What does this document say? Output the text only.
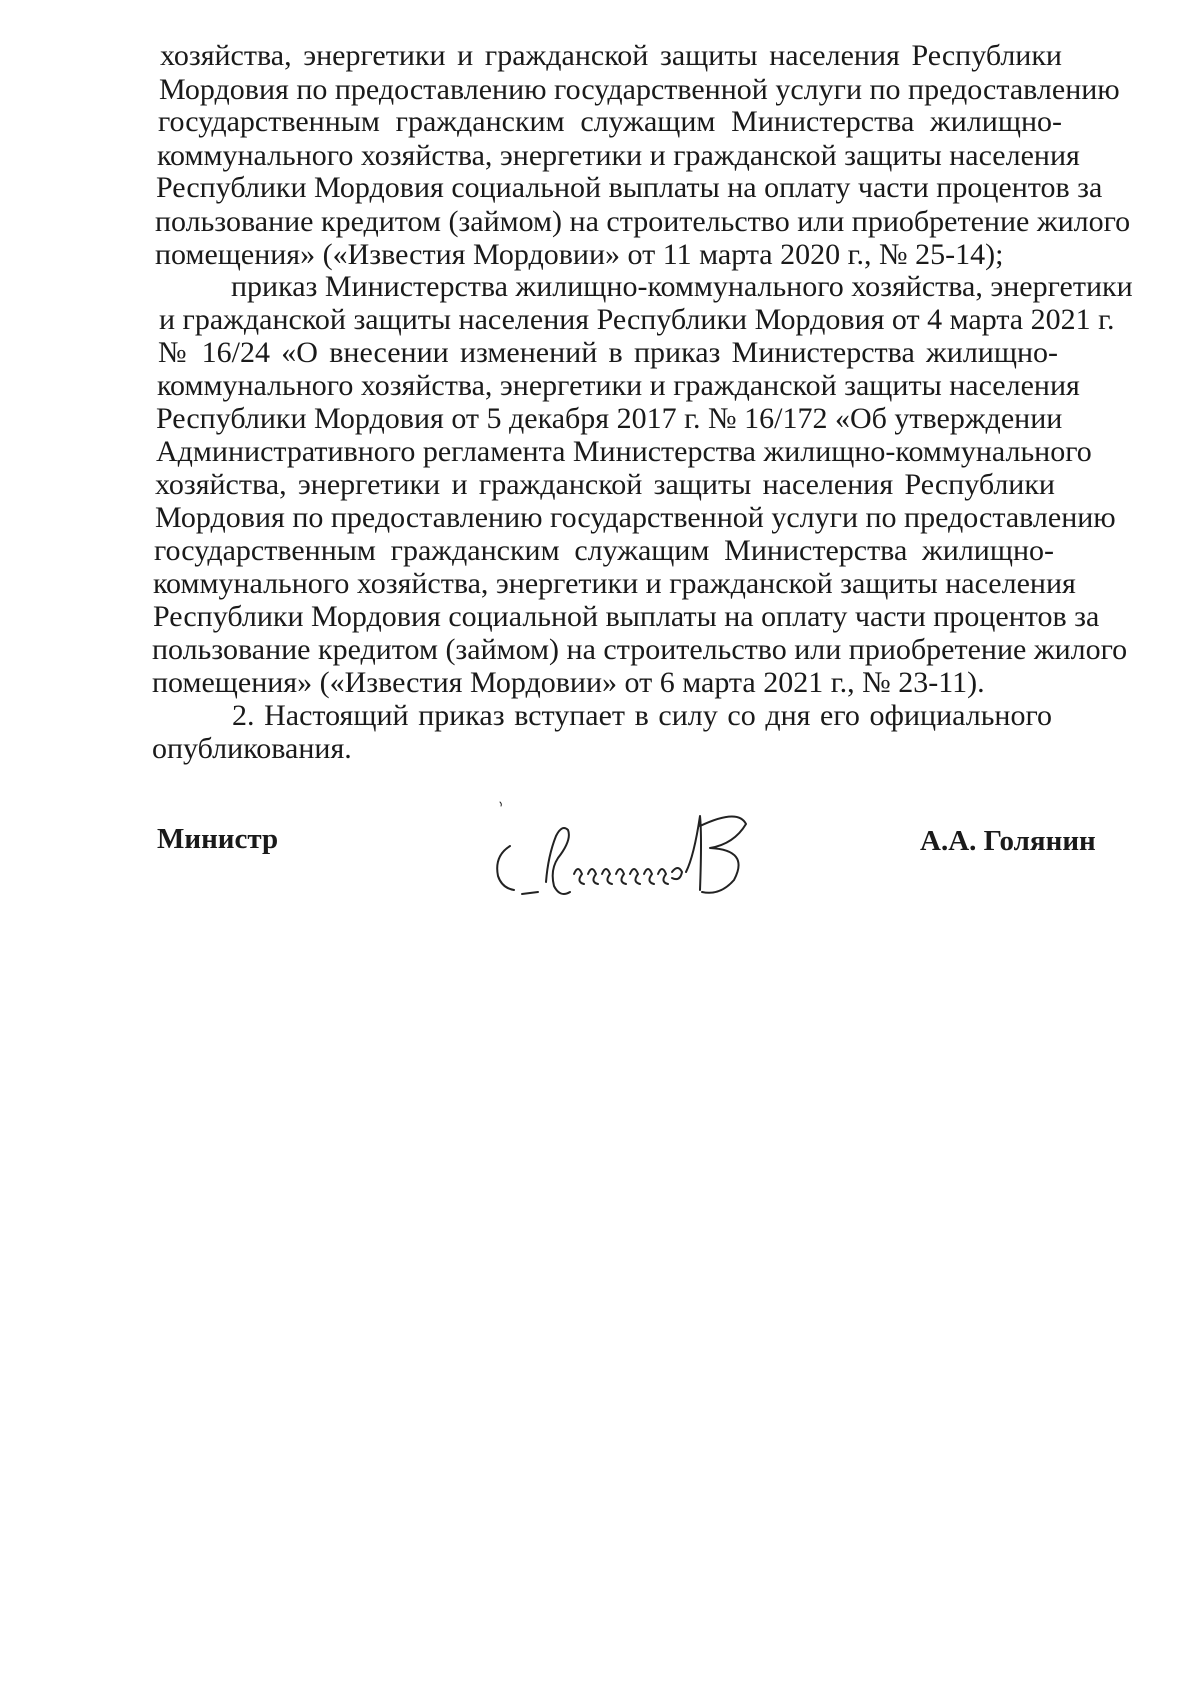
хозяйства, энергетики и гражданской защиты населения Республики

Мордовия по предоставлению государственной услуги по предоставлению

государственным гражданским служащим Министерства жилищно-

коммунального хозяйства, энергетики и гражданской защиты населения

Республики Мордовия социальной выплаты на оплату части процентов за

пользование кредитом (займом) на строительство или приобретение жилого

помещения» («Известия Мордовии» от 11 марта 2020 г., № 25-14);

приказ Министерства жилищно-коммунального хозяйства, энергетики

и гражданской защиты населения Республики Мордовия от 4 марта 2021 г.

№ 16/24 «О внесении изменений в приказ Министерства жилищно-

коммунального хозяйства, энергетики и гражданской защиты населения

Республики Мордовия от 5 декабря 2017 г. № 16/172 «Об утверждении

Административного регламента Министерства жилищно-коммунального

хозяйства, энергетики и гражданской защиты населения Республики

Мордовия по предоставлению государственной услуги по предоставлению

государственным гражданским служащим Министерства жилищно-

коммунального хозяйства, энергетики и гражданской защиты населения

Республики Мордовия социальной выплаты на оплату части процентов за

пользование кредитом (займом) на строительство или приобретение жилого

помещения» («Известия Мордовии» от 6 марта 2021 г., № 23-11).

2. Настоящий приказ вступает в силу со дня его официального

опубликования.

Министр	А.А. Голянин
